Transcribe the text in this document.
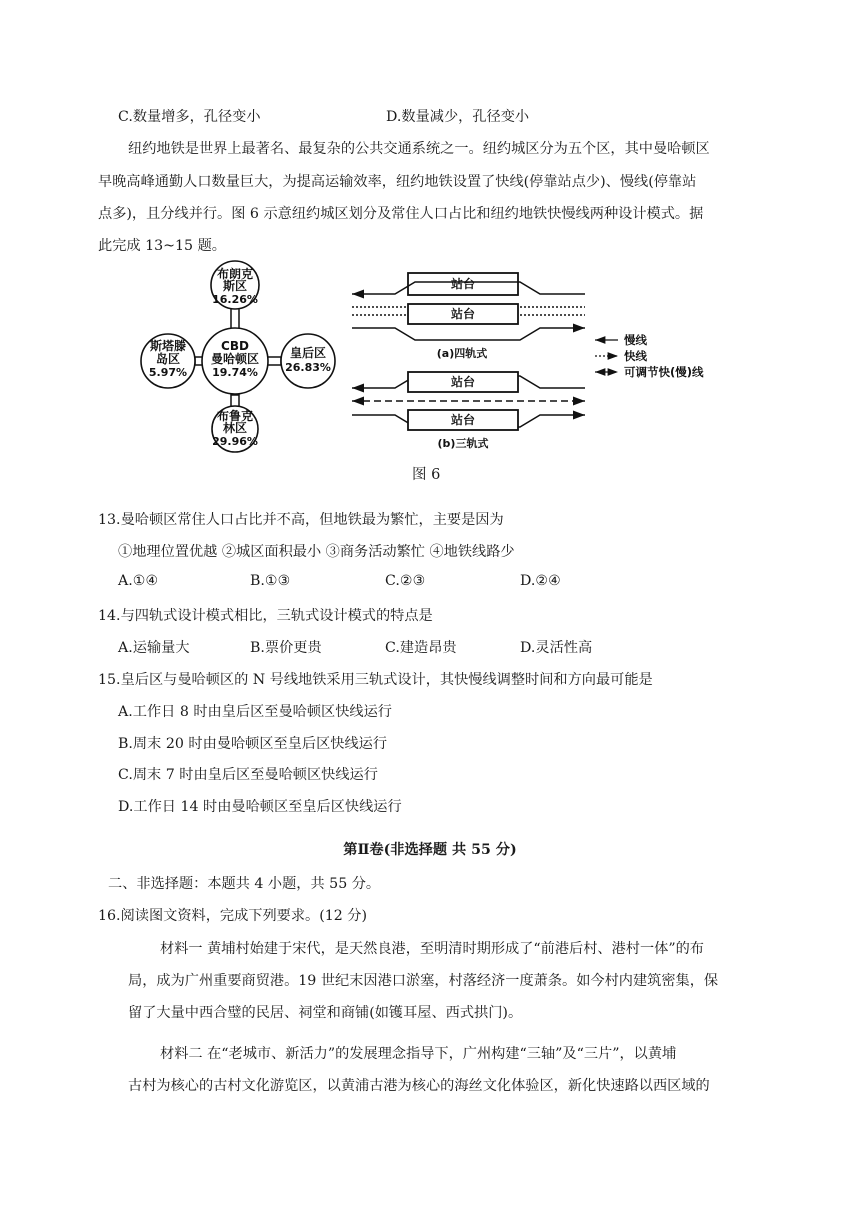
C.数量增多，孔径变小	D.数量减少，孔径变小
纽约地铁是世界上最著名、最复杂的公共交通系统之一。纽约城区分为五个区，其中曼哈顿区
早晚高峰通勤人口数量巨大，为提高运输效率，纽约地铁设置了快线(停靠站点少)、慢线(停靠站
点多)，且分线并行。图 6 示意纽约城区划分及常住人口占比和纽约地铁快慢线两种设计模式。据
此完成 13~15 题。
布朗克
斯区
16.26%
斯塔滕
岛区
5.97%
CBD
曼哈顿区
19.74%
皇后区
26.83%
布鲁克
林区
29.96%
站台
站台
(a)四轨式
站台
站台
(b)三轨式
慢线
快线
可调节快(慢)线
图 6
13.曼哈顿区常住人口占比并不高，但地铁最为繁忙，主要是因为
①地理位置优越 ②城区面积最小 ③商务活动繁忙 ④地铁线路少
A.①④	B.①③	C.②③	D.②④
14.与四轨式设计模式相比，三轨式设计模式的特点是
A.运输量大	B.票价更贵	C.建造昂贵	D.灵活性高
15.皇后区与曼哈顿区的 N 号线地铁采用三轨式设计，其快慢线调整时间和方向最可能是
A.工作日 8 时由皇后区至曼哈顿区快线运行
B.周末 20 时由曼哈顿区至皇后区快线运行
C.周末 7 时由皇后区至曼哈顿区快线运行
D.工作日 14 时由曼哈顿区至皇后区快线运行
第Ⅱ卷(非选择题 共 55 分)
二、非选择题：本题共 4 小题，共 55 分。
16.阅读图文资料，完成下列要求。(12 分)
材料一 黄埔村始建于宋代，是天然良港，至明清时期形成了“前港后村、港村一体”的布
局，成为广州重要商贸港。19 世纪末因港口淤塞，村落经济一度萧条。如今村内建筑密集，保
留了大量中西合璧的民居、祠堂和商铺(如镬耳屋、西式拱门)。
材料二 在“老城市、新活力”的发展理念指导下，广州构建“三轴”及“三片”，以黄埔
古村为核心的古村文化游览区，以黄浦古港为核心的海丝文化体验区，新化快速路以西区域的
